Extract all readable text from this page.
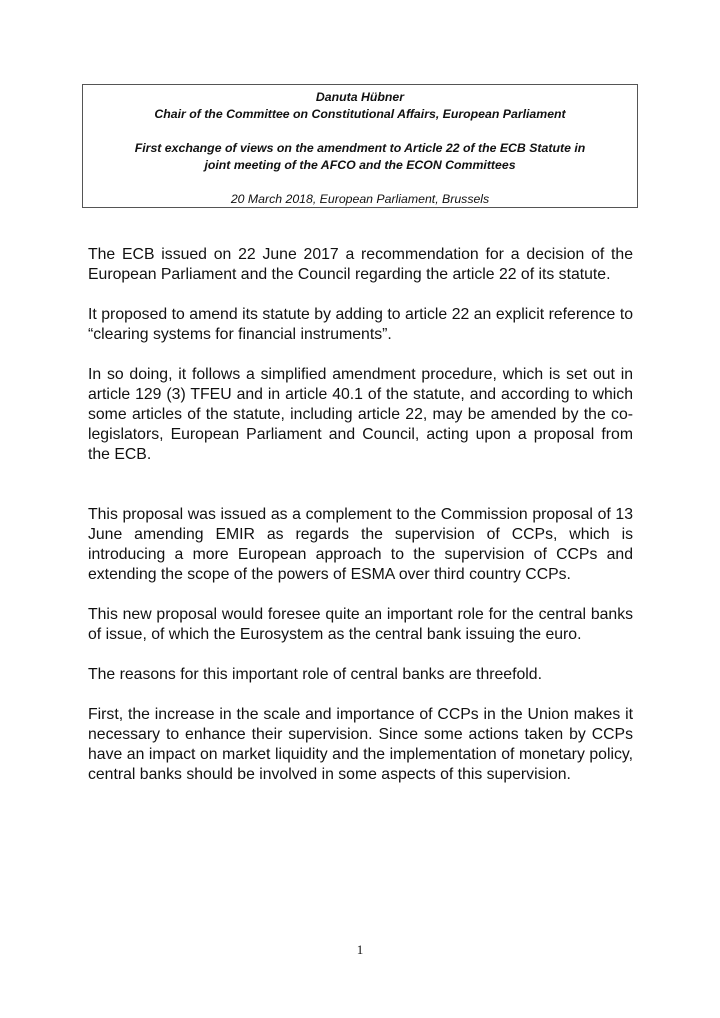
Danuta Hübner
Chair of the Committee on Constitutional Affairs, European Parliament
First exchange of views on the amendment to Article 22 of the ECB Statute in
joint meeting of the AFCO and the ECON Committees
20 March 2018, European Parliament, Brussels

The ECB issued on 22 June 2017 a recommendation for a decision of the European Parliament and the Council regarding the article 22 of its statute.

It proposed to amend its statute by adding to article 22 an explicit reference to “clearing systems for financial instruments”.

In so doing, it follows a simplified amendment procedure, which is set out in article 129 (3) TFEU and in article 40.1 of the statute, and according to which some articles of the statute, including article 22, may be amended by the co-legislators, European Parliament and Council, acting upon a proposal from the ECB.

This proposal was issued as a complement to the Commission proposal of 13 June amending EMIR as regards the supervision of CCPs, which is introducing a more European approach to the supervision of CCPs and extending the scope of the powers of ESMA over third country CCPs.

This new proposal would foresee quite an important role for the central banks of issue, of which the Eurosystem as the central bank issuing the euro.

The reasons for this important role of central banks are threefold.

First, the increase in the scale and importance of CCPs in the Union makes it necessary to enhance their supervision. Since some actions taken by CCPs have an impact on market liquidity and the implementation of monetary policy, central banks should be involved in some aspects of this supervision.

1
